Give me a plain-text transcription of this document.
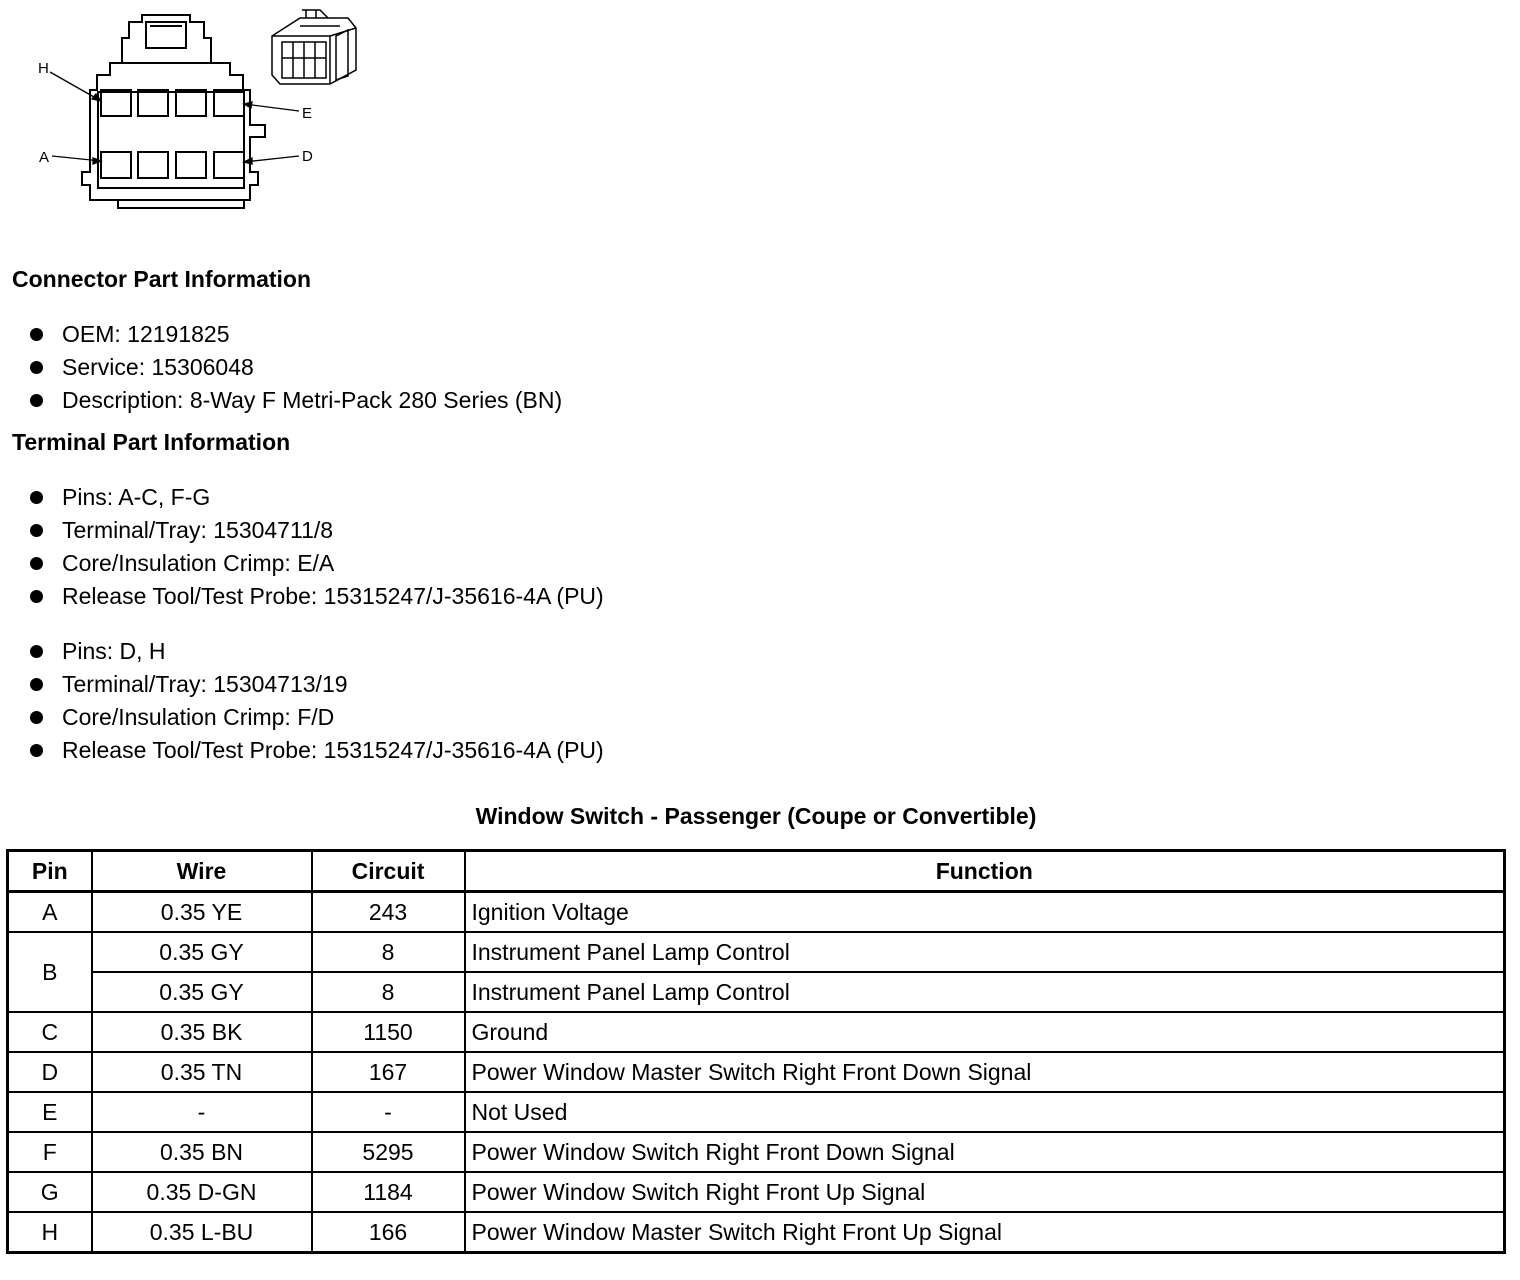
H
E
A	D
Connector Part Information
OEM: 12191825
Service: 15306048
Description: 8-Way F Metri-Pack 280 Series (BN)
Terminal Part Information
Pins: A-C, F-G
Terminal/Tray: 15304711/8
Core/Insulation Crimp: E/A
Release Tool/Test Probe: 15315247/J-35616-4A (PU)
Pins: D, H
Terminal/Tray: 15304713/19
Core/Insulation Crimp: F/D
Release Tool/Test Probe: 15315247/J-35616-4A (PU)
Window Switch - Passenger (Coupe or Convertible)
Pin	Wire	Circuit	Function
A	0.35 YE	243	Ignition Voltage
B	0.35 GY	8	Instrument Panel Lamp Control
	0.35 GY	8	Instrument Panel Lamp Control
C	0.35 BK	1150	Ground
D	0.35 TN	167	Power Window Master Switch Right Front Down Signal
E	-	-	Not Used
F	0.35 BN	5295	Power Window Switch Right Front Down Signal
G	0.35 D-GN	1184	Power Window Switch Right Front Up Signal
H	0.35 L-BU	166	Power Window Master Switch Right Front Up Signal
